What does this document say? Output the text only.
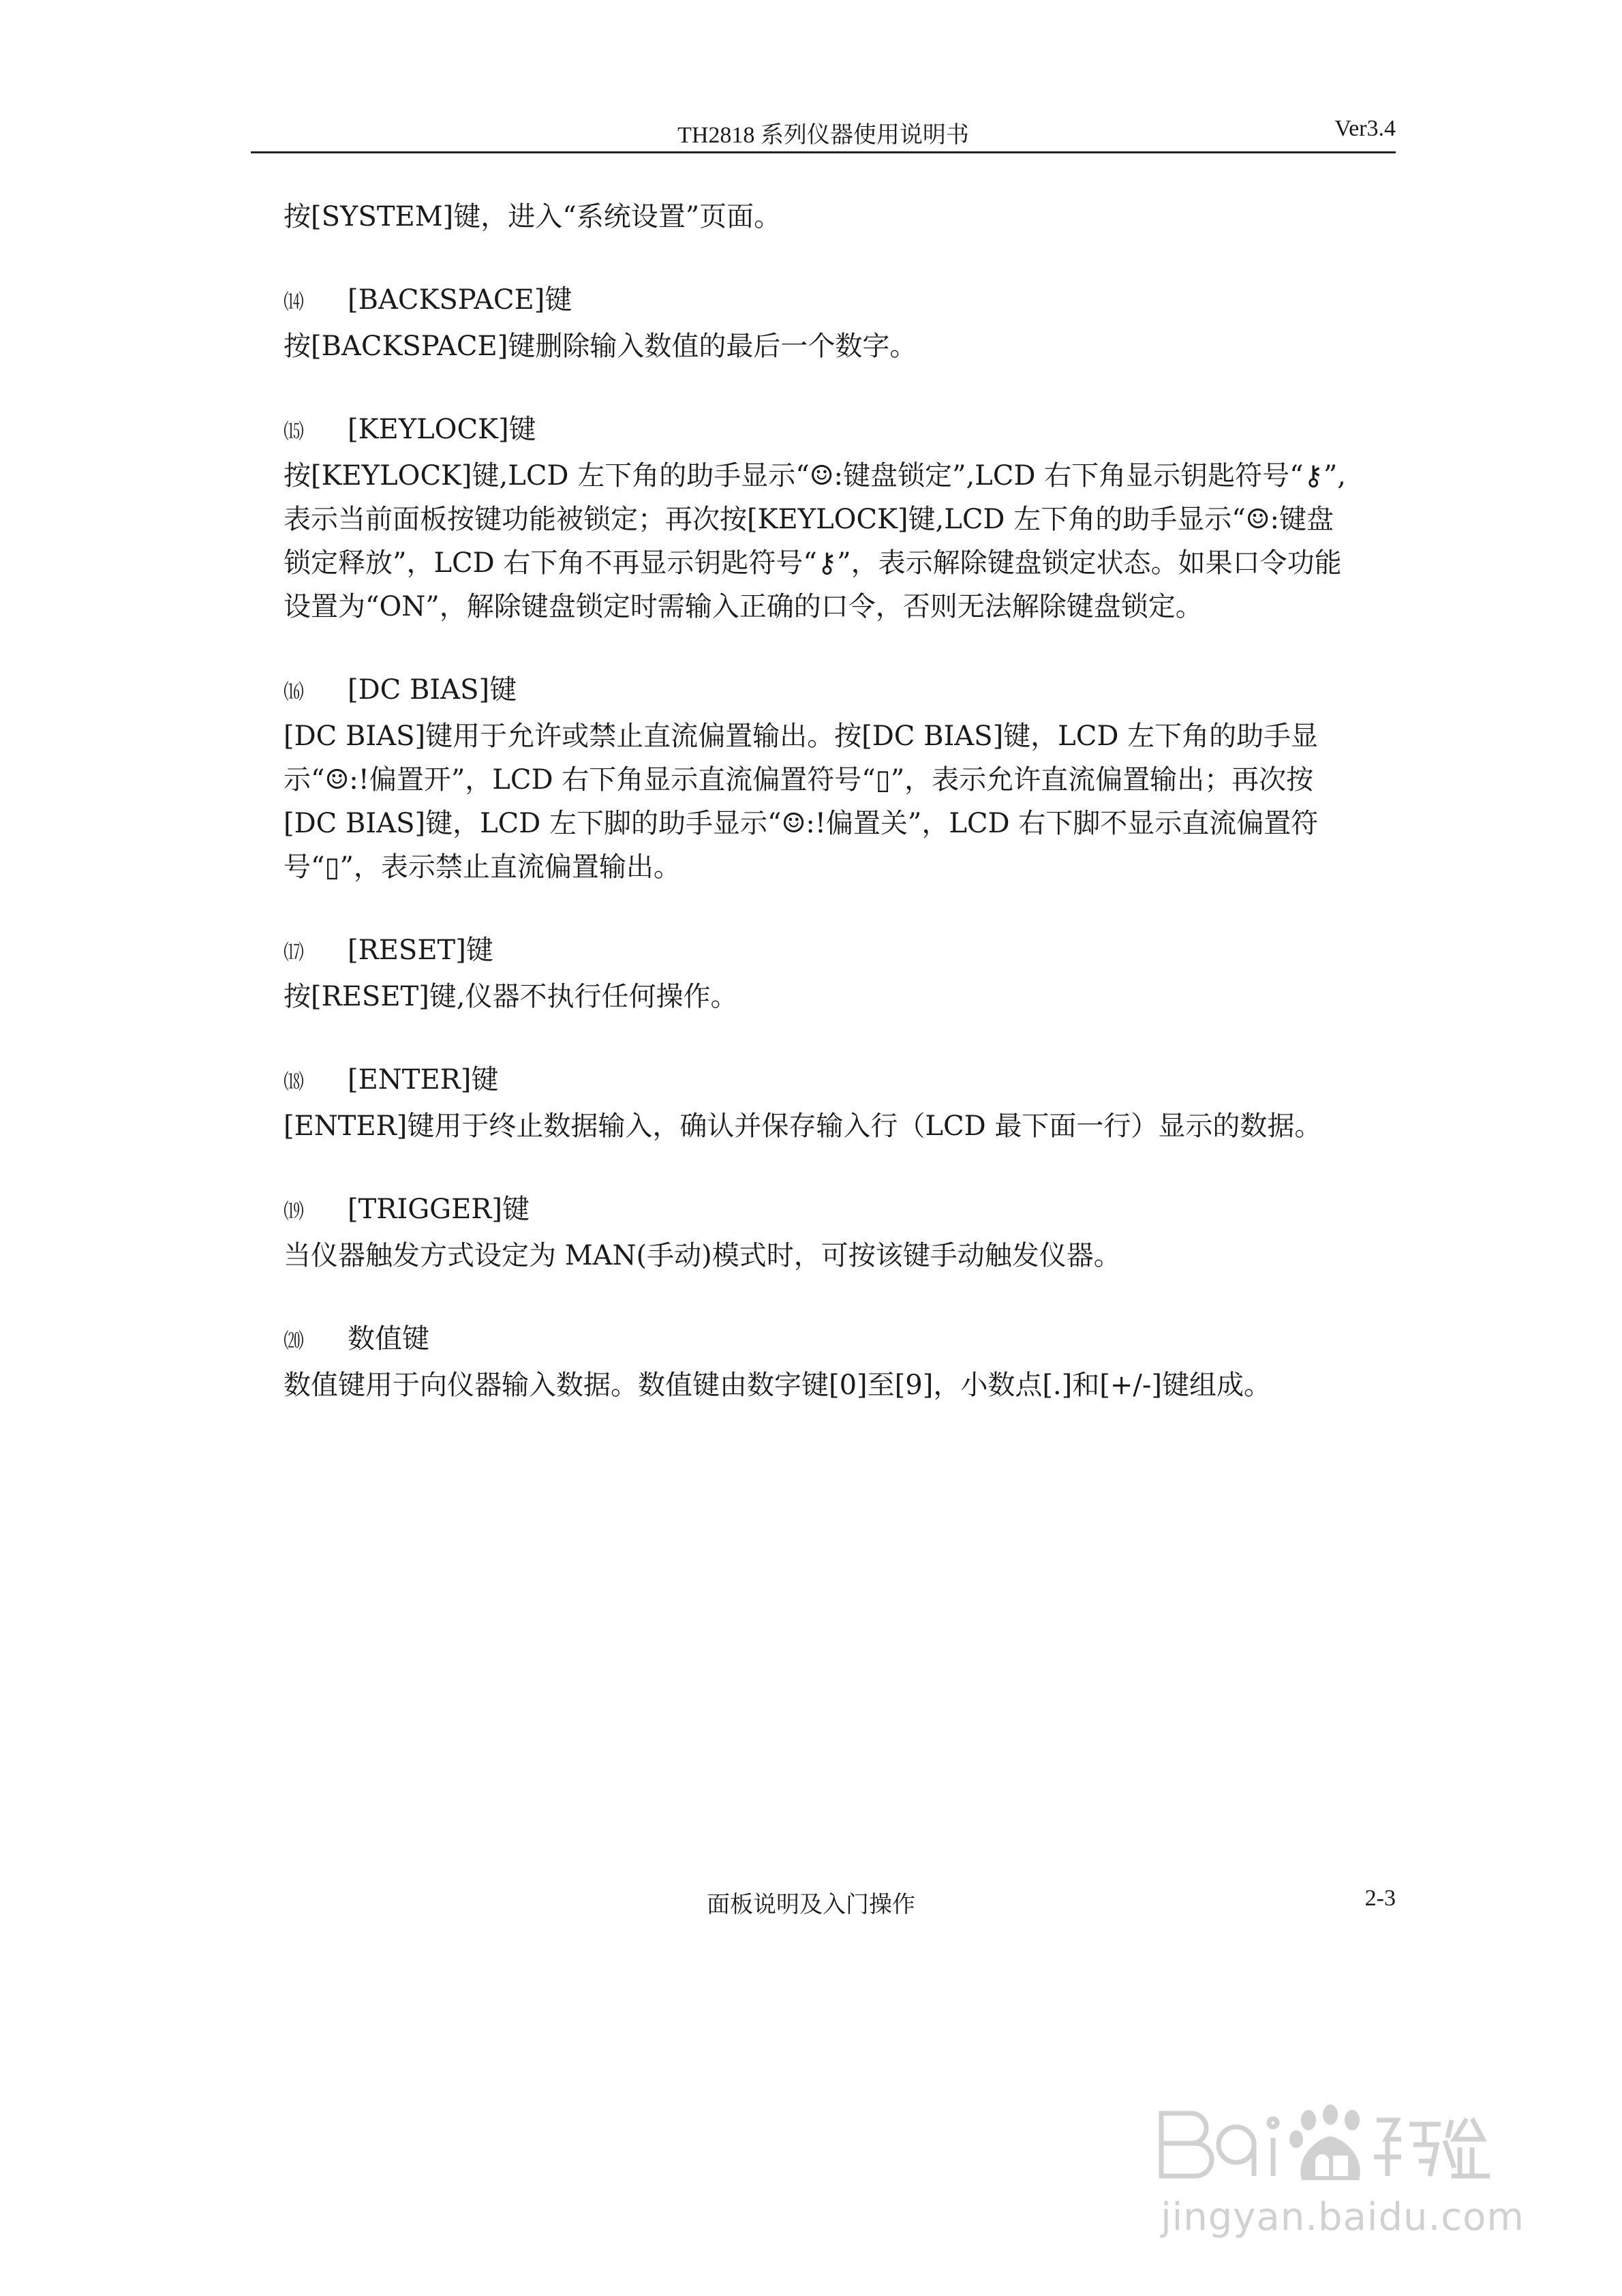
TH2818 系列仪器使用说明书	Ver3.4

按[SYSTEM]键，进入“系统设置”页面。

⒁	[BACKSPACE]键

按[BACKSPACE]键删除输入数值的最后一个数字。

⒂	[KEYLOCK]键

按[KEYLOCK]键,LCD 左下角的助手显示“☺:键盘锁定”,LCD 右下角显示钥匙符号“⚷”,表示当前面板按键功能被锁定；再次按[KEYLOCK]键,LCD 左下角的助手显示“☺:键盘锁定释放”，LCD 右下角不再显示钥匙符号“⚷”，表示解除键盘锁定状态。如果口令功能设置为“ON”，解除键盘锁定时需输入正确的口令，否则无法解除键盘锁定。

⒃	[DC BIAS]键

[DC BIAS]键用于允许或禁止直流偏置输出。按[DC BIAS]键，LCD 左下角的助手显示“☺:!偏置开”，LCD 右下角显示直流偏置符号“▯”，表示允许直流偏置输出；再次按[DC BIAS]键，LCD 左下脚的助手显示“☺:!偏置关”，LCD 右下脚不显示直流偏置符号“▯”，表示禁止直流偏置输出。

⒄	[RESET]键

按[RESET]键,仪器不执行任何操作。

⒅	[ENTER]键

[ENTER]键用于终止数据输入，确认并保存输入行（LCD 最下面一行）显示的数据。

⒆	[TRIGGER]键

当仪器触发方式设定为 MAN(手动)模式时，可按该键手动触发仪器。

⒇	数值键

数值键用于向仪器输入数据。数值键由数字键[0]至[9]，小数点[.]和[+/-]键组成。

面板说明及入门操作	2-3
jingyan.baidu.com
